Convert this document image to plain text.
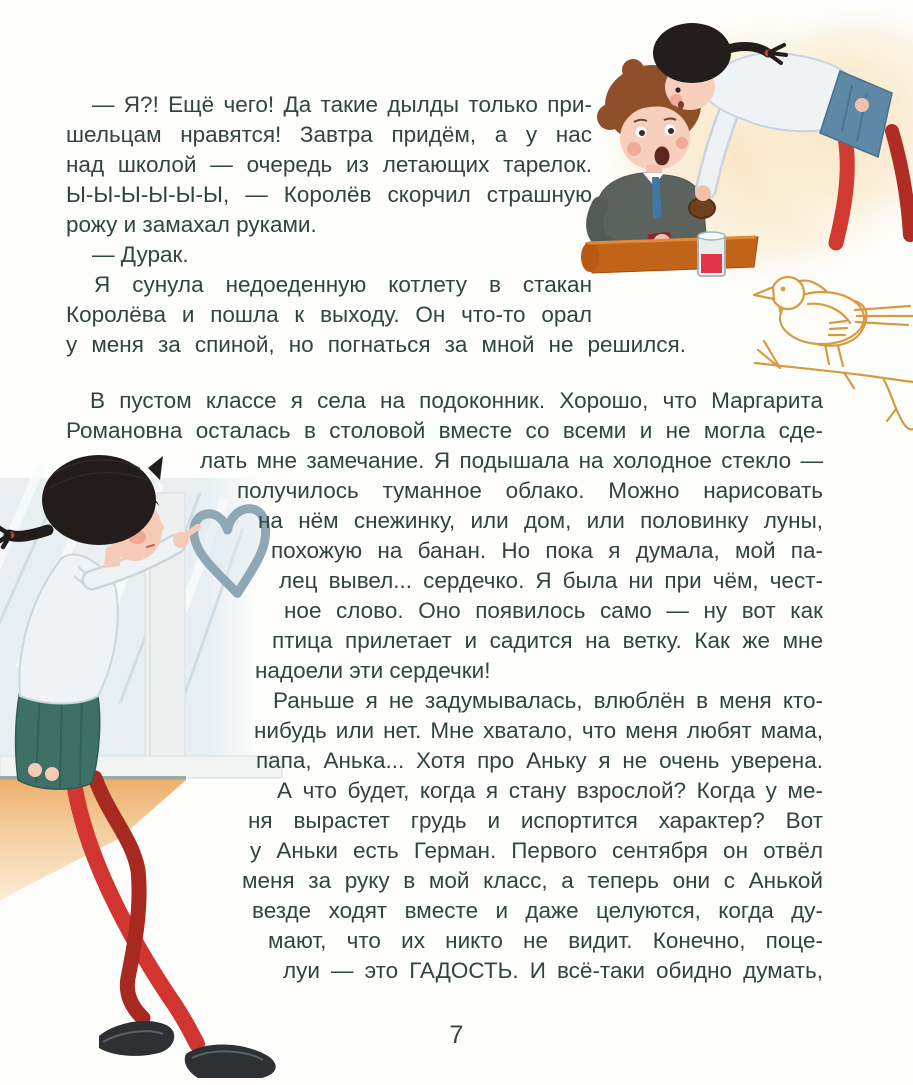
— Я?! Ещё чего! Да такие дылды только при-
шельцам нравятся! Завтра придём, а у нас
над школой — очередь из летающих тарелок.
Ы-Ы-Ы-Ы-Ы-Ы, — Королёв скорчил страшную
рожу и замахал руками.
— Дурак.
Я сунула недоеденную котлету в стакан
Королёва и пошла к выходу. Он что-то орал
у меня за спиной, но погнаться за мной не решился.
В пустом классе я села на подоконник. Хорошо, что Маргарита
Романовна осталась в столовой вместе со всеми и не могла сде-
лать мне замечание. Я подышала на холодное стекло —
получилось туманное облако. Можно нарисовать
на нём снежинку, или дом, или половинку луны,
похожую на банан. Но пока я думала, мой па-
лец вывел... сердечко. Я была ни при чём, чест-
ное слово. Оно появилось само — ну вот как
птица прилетает и садится на ветку. Как же мне
надоели эти сердечки!
Раньше я не задумывалась, влюблён в меня кто-
нибудь или нет. Мне хватало, что меня любят мама,
папа, Анька... Хотя про Аньку я не очень уверена.
А что будет, когда я стану взрослой? Когда у ме-
ня вырастет грудь и испортится характер? Вот
у Аньки есть Герман. Первого сентября он отвёл
меня за руку в мой класс, а теперь они с Анькой
везде ходят вместе и даже целуются, когда ду-
мают, что их никто не видит. Конечно, поце-
луи — это ГАДОСТЬ. И всё-таки обидно думать,
7
